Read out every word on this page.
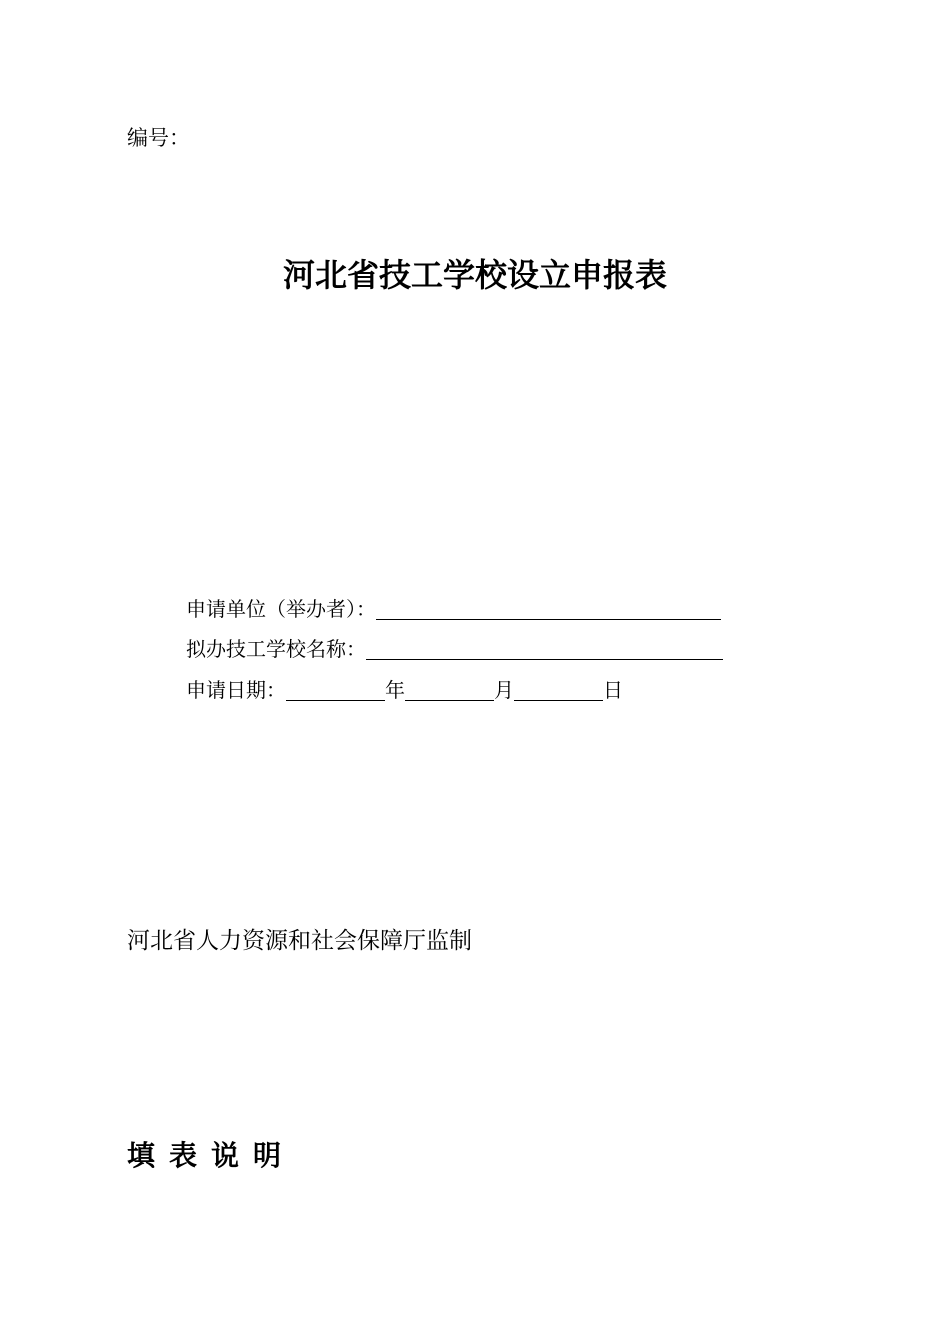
编号：
河北省技工学校设立申报表
申请单位（举办者）：
拟办技工学校名称：
申请日期：	年	月	日
河北省人力资源和社会保障厅监制
填表说明
